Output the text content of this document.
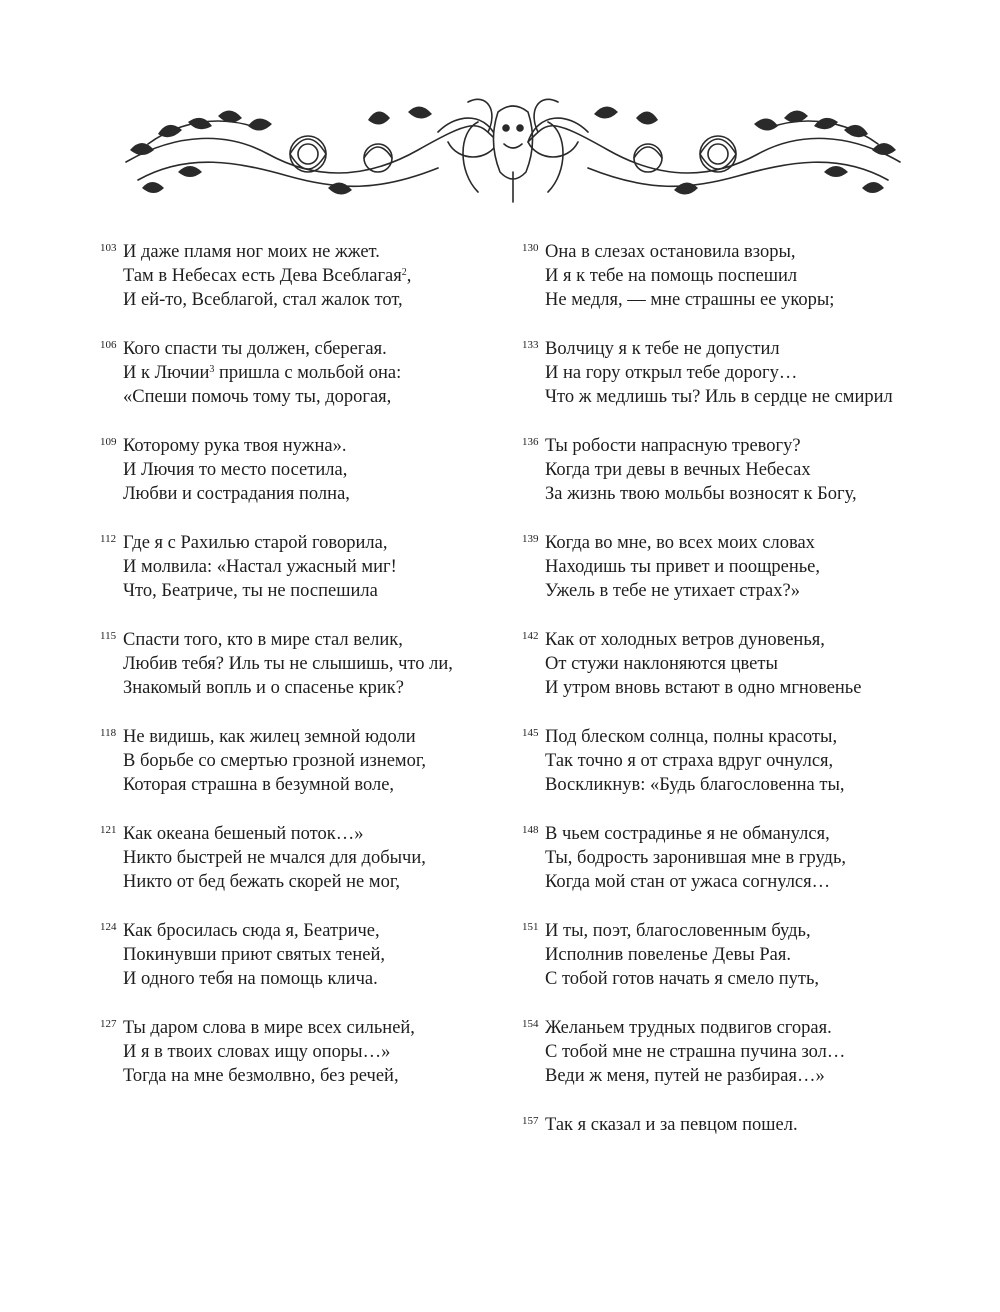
103 И даже пламя ног моих не жжет.
Там в Небесах есть Дева Всеблагая$^2$,
И ей-то, Всеблагой, стал жалок тот,
106 Кого спасти ты должен, сберегая.
И к Лючии$^3$ пришла с мольбой она:
«Спеши помочь тому ты, дорогая,
109 Которому рука твоя нужна».
И Лючия то место посетила,
Любви и сострадания полна,
112 Где я с Рахилью старой говорила,
И молвила: «Настал ужасный миг!
Что, Беатриче, ты не поспешила
115 Спасти того, кто в мире стал велик,
Любив тебя? Иль ты не слышишь, что ли,
Знакомый вопль и о спасенье крик?
118 Не видишь, как жилец земной юдоли
В борьбе со смертью грозной изнемог,
Которая страшна в безумной воле,
121 Как океана бешеный поток…»
Никто быстрей не мчался для добычи,
Никто от бед бежать скорей не мог,
124 Как бросилась сюда я, Беатриче,
Покинувши приют святых теней,
И одного тебя на помощь клича.
127 Ты даром слова в мире всех сильней,
И я в твоих словах ищу опоры…»
Тогда на мне безмолвно, без речей,
130 Она в слезах остановила взоры,
И я к тебе на помощь поспешил
Не медля, — мне страшны ее укоры;
133 Волчицу я к тебе не допустил
И на гору открыл тебе дорогу…
Что ж медлишь ты? Иль в сердце не смирил
136 Ты робости напрасную тревогу?
Когда три девы в вечных Небесах
За жизнь твою мольбы возносят к Богу,
139 Когда во мне, во всех моих словах
Находишь ты привет и поощренье,
Ужель в тебе не утихает страх?»
142 Как от холодных ветров дуновенья,
От стужи наклоняются цветы
И утром вновь встают в одно мгновенье
145 Под блеском солнца, полны красоты,
Так точно я от страха вдруг очнулся,
Воскликнув: «Будь благословенна ты,
148 В чьем сострадинье я не обманулся,
Ты, бодрость заронившая мне в грудь,
Когда мой стан от ужаса согнулся…
151 И ты, поэт, благословенным будь,
Исполнив повеленье Девы Рая.
С тобой готов начать я смело путь,
154 Желаньем трудных подвигов сгорая.
С тобой мне не страшна пучина зол…
Веди ж меня, путей не разбирая…»
157 Так я сказал и за певцом пошел.
